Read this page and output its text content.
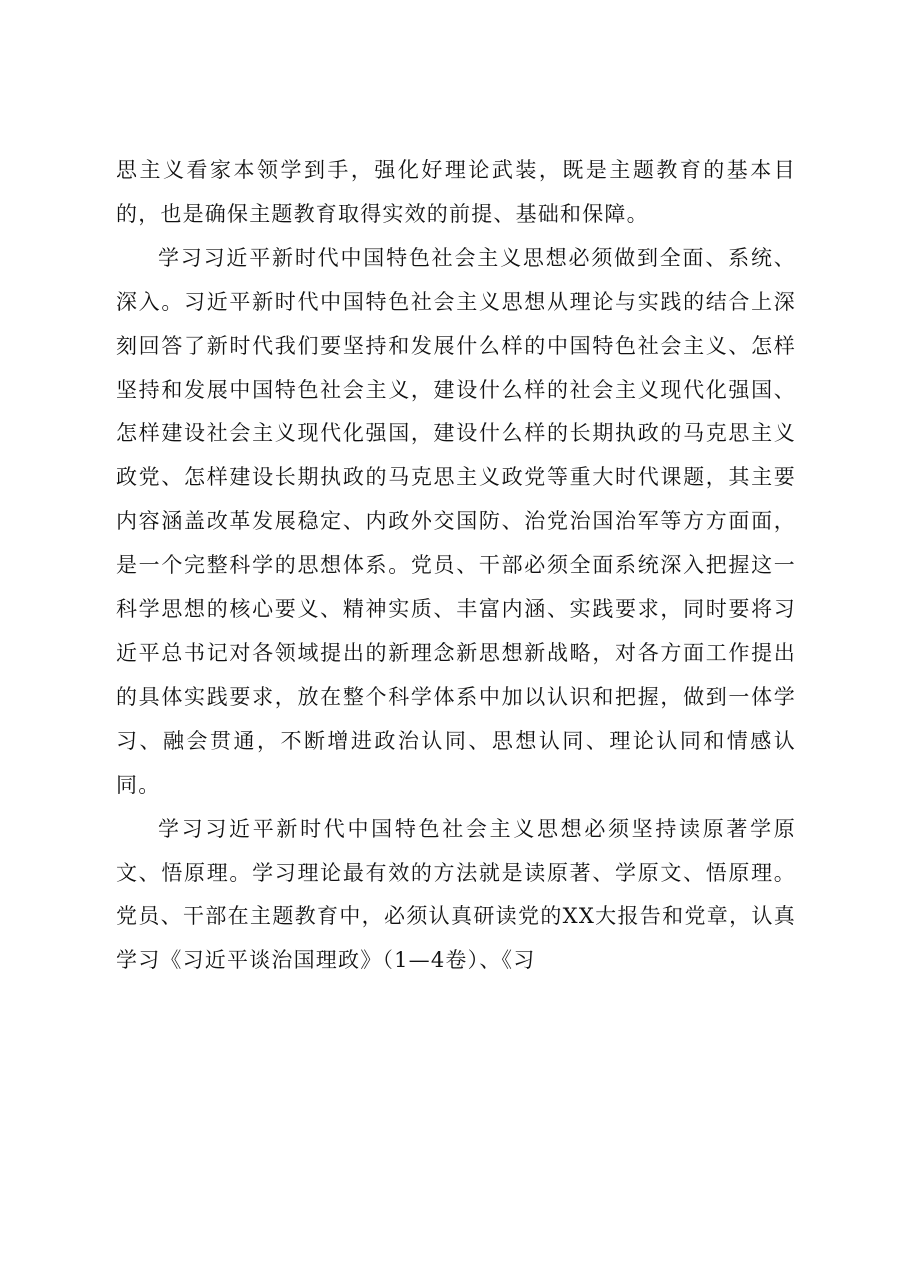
思主义看家本领学到手，强化好理论武装，既是主题教育的基本目的，也是确保主题教育取得实效的前提、基础和保障。

学习习近平新时代中国特色社会主义思想必须做到全面、系统、深入。习近平新时代中国特色社会主义思想从理论与实践的结合上深刻回答了新时代我们要坚持和发展什么样的中国特色社会主义、怎样坚持和发展中国特色社会主义，建设什么样的社会主义现代化强国、怎样建设社会主义现代化强国，建设什么样的长期执政的马克思主义政党、怎样建设长期执政的马克思主义政党等重大时代课题，其主要内容涵盖改革发展稳定、内政外交国防、治党治国治军等方方面面，是一个完整科学的思想体系。党员、干部必须全面系统深入把握这一科学思想的核心要义、精神实质、丰富内涵、实践要求，同时要将习近平总书记对各领域提出的新理念新思想新战略，对各方面工作提出的具体实践要求，放在整个科学体系中加以认识和把握，做到一体学习、融会贯通，不断增进政治认同、思想认同、理论认同和情感认同。

学习习近平新时代中国特色社会主义思想必须坚持读原著学原文、悟原理。学习理论最有效的方法就是读原著、学原文、悟原理。党员、干部在主题教育中，必须认真研读党的XX大报告和党章，认真学习《习近平谈治国理政》（1—4卷）、《习
